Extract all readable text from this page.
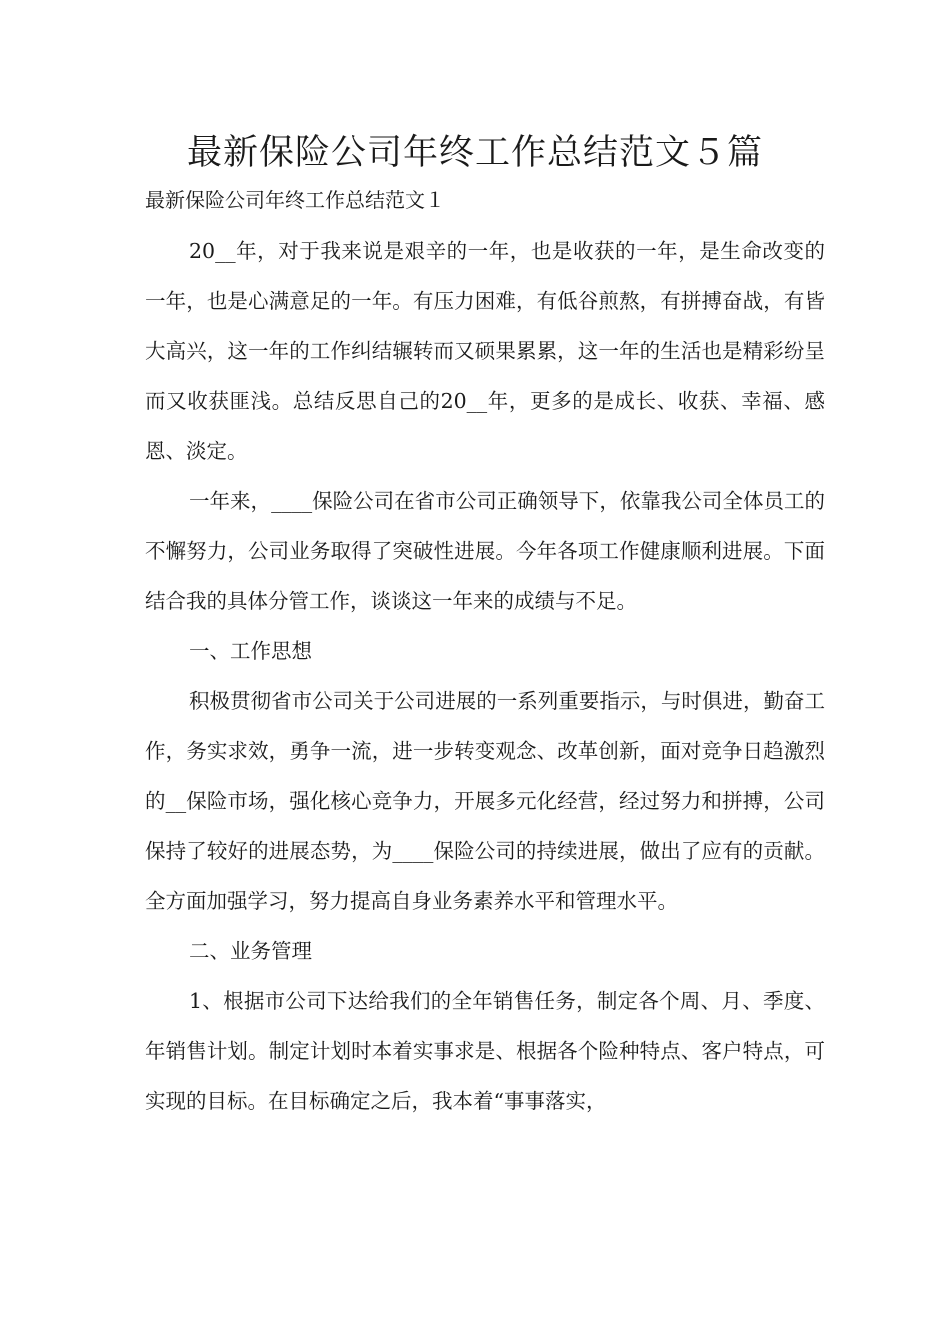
最新保险公司年终工作总结范文５篇

最新保险公司年终工作总结范文１

20__年，对于我来说是艰辛的一年，也是收获的一年，是生命改变的一年，也是心满意足的一年。有压力困难，有低谷煎熬，有拼搏奋战，有皆大高兴，这一年的工作纠结辗转而又硕果累累，这一年的生活也是精彩纷呈而又收获匪浅。总结反思自己的20__年，更多的是成长、收获、幸福、感恩、淡定。

一年来，____保险公司在省市公司正确领导下，依靠我公司全体员工的不懈努力，公司业务取得了突破性进展。今年各项工作健康顺利进展。下面结合我的具体分管工作，谈谈这一年来的成绩与不足。

一、工作思想

积极贯彻省市公司关于公司进展的一系列重要指示，与时俱进，勤奋工作，务实求效，勇争一流，进一步转变观念、改革创新，面对竞争日趋激烈的__保险市场，强化核心竞争力，开展多元化经营，经过努力和拼搏，公司保持了较好的进展态势，为____保险公司的持续进展，做出了应有的贡献。全方面加强学习，努力提高自身业务素养水平和管理水平。

二、业务管理

1、根据市公司下达给我们的全年销售任务，制定各个周、月、季度、年销售计划。制定计划时本着实事求是、根据各个险种特点、客户特点，可实现的目标。在目标确定之后，我本着“事事落实，
